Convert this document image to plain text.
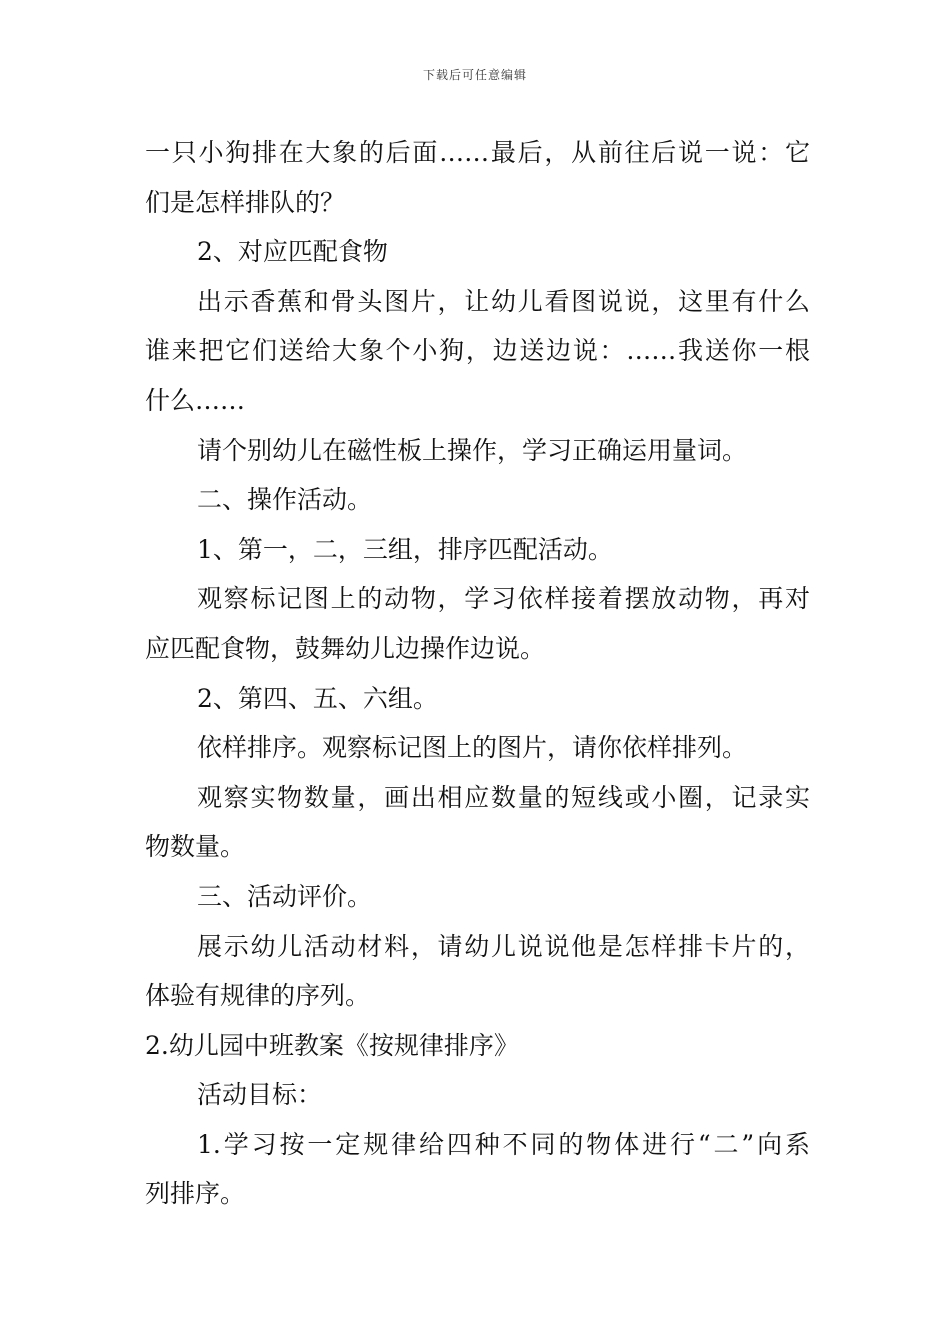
下载后可任意编辑
一只小狗排在大象的后面……最后，从前往后说一说：它
们是怎样排队的？
2、对应匹配食物
出示香蕉和骨头图片，让幼儿看图说说，这里有什么
谁来把它们送给大象个小狗，边送边说：……我送你一根
什么……
请个别幼儿在磁性板上操作，学习正确运用量词。
二、操作活动。
1、第一，二，三组，排序匹配活动。
观察标记图上的动物，学习依样接着摆放动物，再对
应匹配食物，鼓舞幼儿边操作边说。
2、第四、五、六组。
依样排序。观察标记图上的图片，请你依样排列。
观察实物数量，画出相应数量的短线或小圈，记录实
物数量。
三、活动评价。
展示幼儿活动材料，请幼儿说说他是怎样排卡片的，
体验有规律的序列。
2.幼儿园中班教案《按规律排序》
活动目标：
1.学习按一定规律给四种不同的物体进行“二”向系
列排序。
